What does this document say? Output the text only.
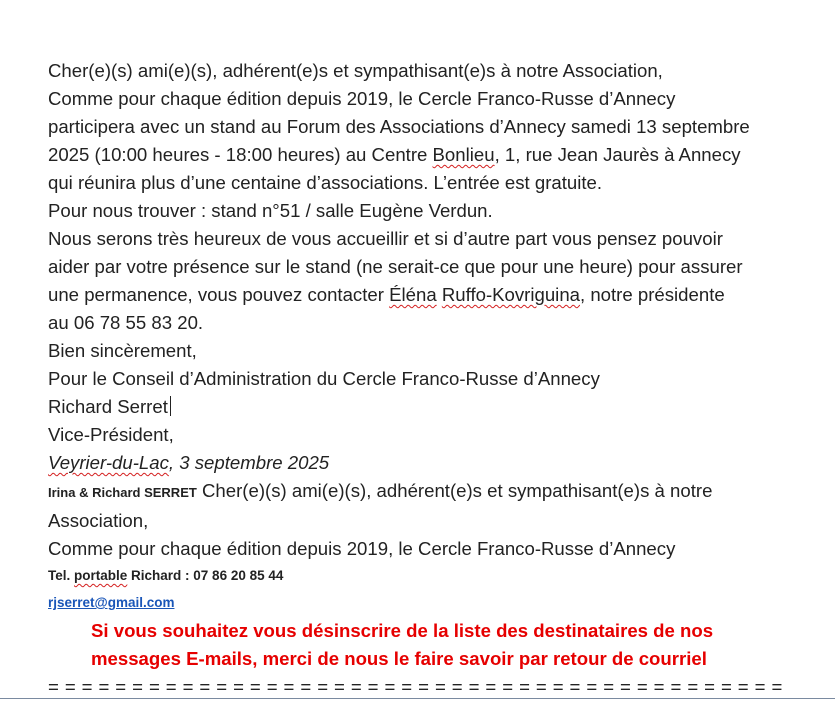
Cher(e)(s) ami(e)(s), adhérent(e)s et sympathisant(e)s à notre Association,
Comme pour chaque édition depuis 2019, le Cercle Franco-Russe d’Annecy
participera avec un stand au Forum des Associations d’Annecy samedi 13 septembre
2025 (10:00 heures - 18:00 heures) au Centre Bonlieu, 1, rue Jean Jaurès à Annecy
qui réunira plus d’une centaine d’associations. L’entrée est gratuite.
Pour nous trouver : stand n°51 / salle Eugène Verdun.
Nous serons très heureux de vous accueillir et si d’autre part vous pensez pouvoir
aider par votre présence sur le stand (ne serait-ce que pour une heure) pour assurer
une permanence, vous pouvez contacter Éléna Ruffo-Kovriguina, notre présidente
au 06 78 55 83 20.
Bien sincèrement,
Pour le Conseil d’Administration du Cercle Franco-Russe d’Annecy
Richard Serret
Vice-Président,
Veyrier-du-Lac, 3 septembre 2025
Irina & Richard SERRET Cher(e)(s) ami(e)(s), adhérent(e)s et sympathisant(e)s à notre
Association,
Comme pour chaque édition depuis 2019, le Cercle Franco-Russe d’Annecy
Tel. portable Richard : 07 86 20 85 44
rjserret@gmail.com
Si vous souhaitez vous désinscrire de la liste des destinataires de nos
messages E-mails, merci de nous le faire savoir par retour de courriel
= = = = = = = = = = = = = = = = = = = = = = = = = = = = = = = = = = = = = = = = = = = =
